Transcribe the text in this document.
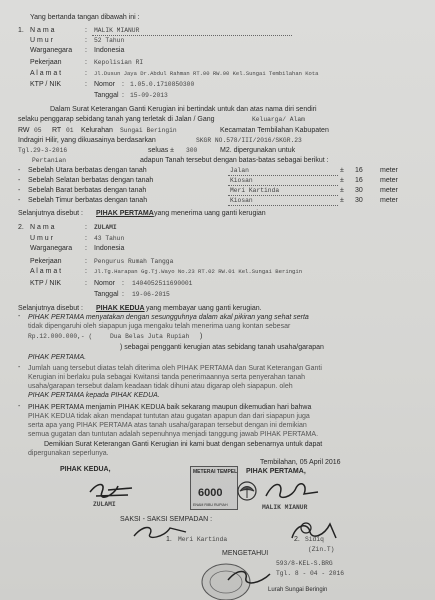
Yang bertanda tangan dibawah ini :
1. N a m a	: MALIK MIANUR
U m u r	: 52 Tahun
Warganegara : Indonesia
Pekerjaan	: Kepolisian RI
A l a m a t	: Jl.Dusun Jaya Dr.Abdul Rahman RT.00 RW.00 Kel.Sungai Tembilahan Kota
KTP / NIK	: Nomor : 1.05.0.1710850300
Tanggal : 15-09-2013
Dalam Surat Keterangan Ganti Kerugian ini bertindak untuk dan atas nama diri sendiri
selaku penggarap sebidang tanah yang terletak di Jalan / Gang	Keluarga/ Alam
RW 05 RT 01 Kelurahan Sungai Beringin	Kecamatan Tembilahan Kabupaten
Indragiri Hilir, yang dikuasainya berdasarkan	SKGR NO.578/III/2016/SKGR.23
Tgl.29-3-2016	seluas ± 300	M2. dipergunakan untuk
Pertanian	adapun Tanah tersebut dengan batas-batas sebagai berikut :
- Sebelah Utara berbatas dengan tanah	Jalan	± 16 meter
- Sebelah Selatan berbatas dengan tanah	Kiosan	± 16 meter
- Sebelah Barat berbatas dengan tanah	Meri Kartinda	± 30 meter
- Sebelah Timur berbatas dengan tanah	Kiosan	± 30 meter
Selanjutnya disebut : PIHAK PERTAMA yang menerima uang ganti kerugian
2. N a m a	: ZULAMI
U m u r	: 43 Tahun
Warganegara : Indonesia
Pekerjaan	: Pengurus Rumah Tangga
A l a m a t	: Jl.Tg.Harapan Gg.Tj.Wayo No.23 RT.02 RW.01 Kel.Sungai Beringin
KTP / NIK	: Nomor : 1404052511690001
Tanggal : 19-06-2015
Selanjutnya disebut : PIHAK KEDUA yang membayar uang ganti kerugian.
- PIHAK PERTAMA menyatakan dengan sesungguhnya dalam akal pikiran yang sehat serta
tidak dipengaruhi oleh siapapun juga mengaku telah menerima uang kontan sebesar
Rp.12.000.000,- (	Dua Belas Juta Rupiah )
) sebagai pengganti kerugian atas sebidang tanah usaha/garapan
PIHAK PERTAMA.
- Jumlah uang tersebut diatas telah diterima oleh PIHAK PERTAMA dan Surat Keterangan Ganti
Kerugian ini berlaku pula sebagai Kwitansi tanda penerimaannya serta penyerahan tanah
usaha/garapan tersebut dalam keadaan tidak dihuni atau digarap oleh siapapun. oleh
PIHAK PERTAMA kepada PIHAK KEDUA.
- PIHAK PERTAMA menjamin PIHAK KEDUA baik sekarang maupun dikemudian hari bahwa
PIHAK KEDUA tidak akan mendapat tuntutan atau gugatan apapun dan dari siapapun juga
serta apa yang PIHAK PERTAMA atas tanah usaha/garapan tersebut dengan ini demikian
semua gugatan dan tuntutan adalah sepenuhnya menjadi tanggung jawab PIHAK PERTAMA.
Demikian Surat Keterangan Ganti Kerugian ini kami buat dengan sebenarnya untuk dapat
dipergunakan seperlunya.
Tembilahan, 05 April 2016
PIHAK KEDUA,	PIHAK PERTAMA,
ZULAMI
METERAI TEMPEL
6000
ENAM RIBU RUPIAH	MALIK MIANUR
SAKSI - SAKSI SEMPADAN :
1. Meri Kartinda	2. Sidiq
(Zin.T)
MENGETAHUI
593/8-KEL-S.BRG
Tgl. 8 - 04 - 2016
Lurah Sungai Beringin
